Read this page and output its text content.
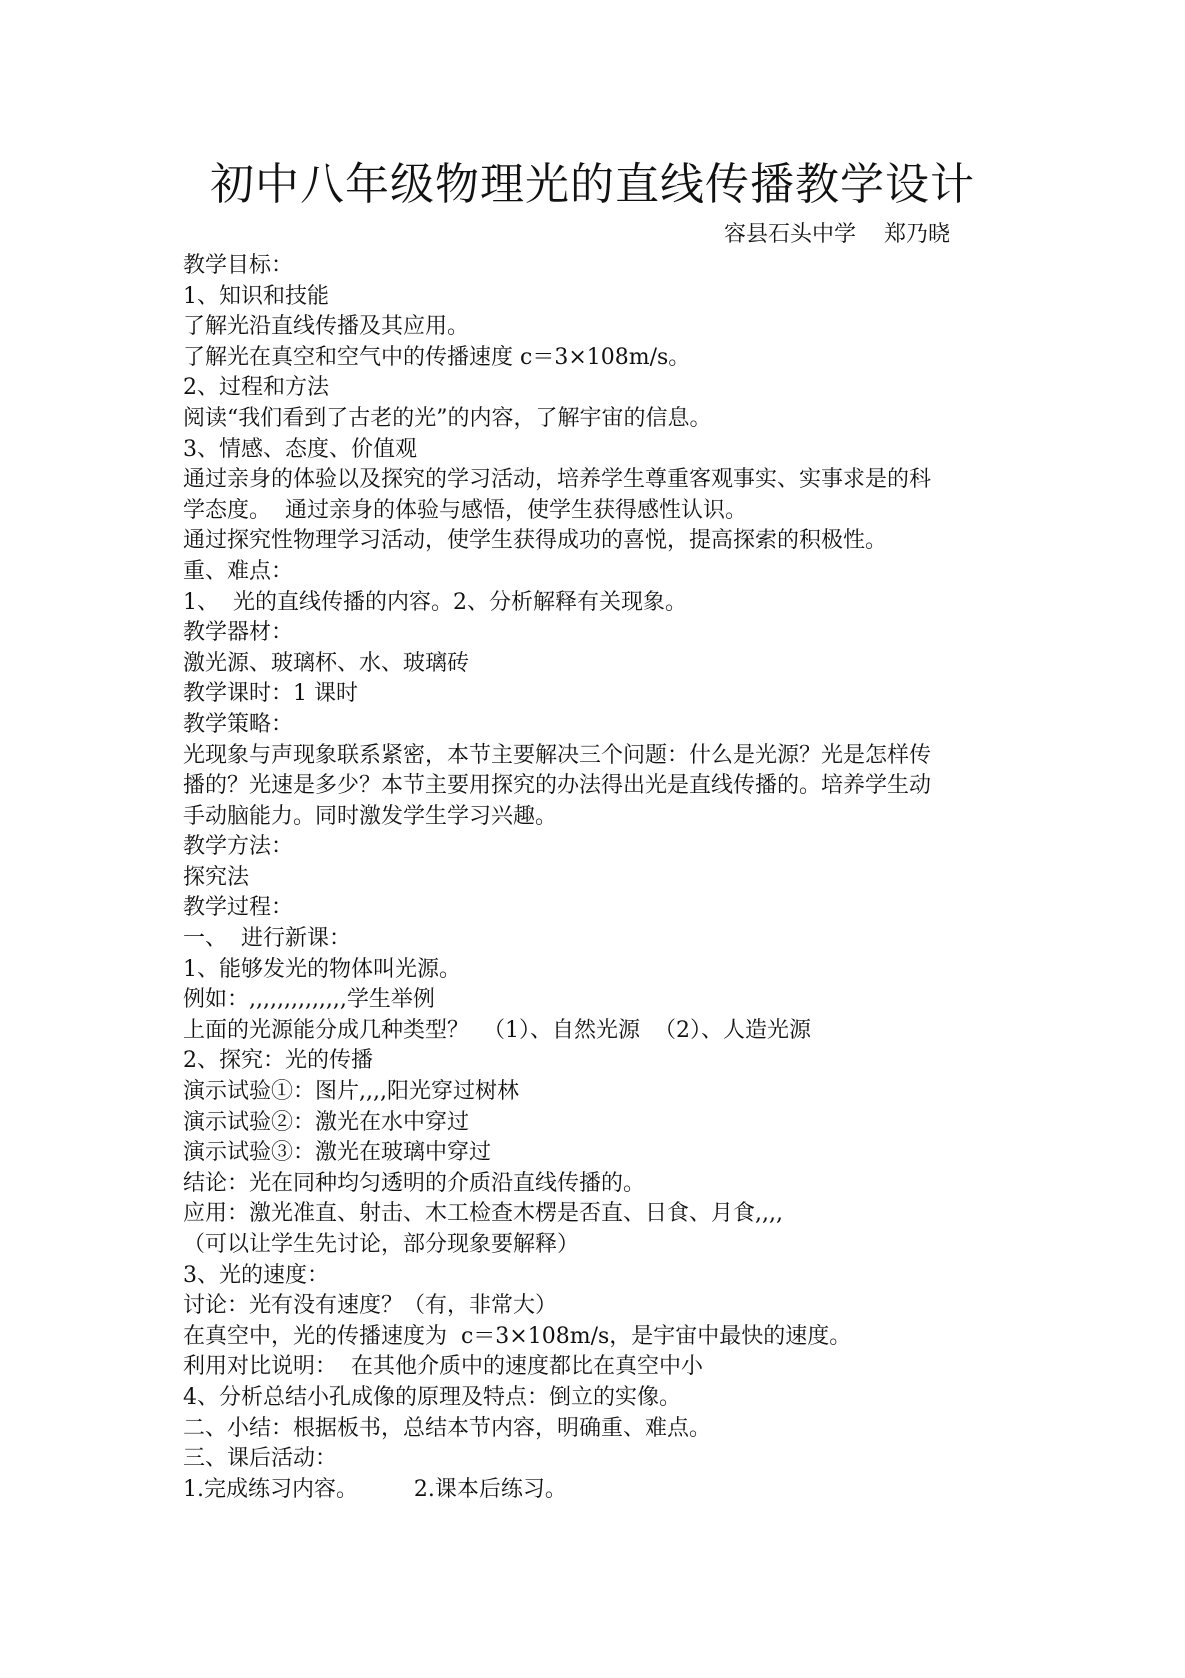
初中八年级物理光的直线传播教学设计
容县石头中学    郑乃晓
教学目标：
1、知识和技能
了解光沿直线传播及其应用。
了解光在真空和空气中的传播速度 c＝3×108m/s。
2、过程和方法
阅读“我们看到了古老的光”的内容，了解宇宙的信息。
3、情感、态度、价值观
通过亲身的体验以及探究的学习活动，培养学生尊重客观事实、实事求是的科
学态度。  通过亲身的体验与感悟，使学生获得感性认识。
通过探究性物理学习活动，使学生获得成功的喜悦，提高探索的积极性。
重、难点：
1、  光的直线传播的内容。2、分析解释有关现象。
教学器材：
激光源、玻璃杯、水、玻璃砖
教学课时：1 课时
教学策略：
光现象与声现象联系紧密，本节主要解决三个问题：什么是光源？光是怎样传
播的？光速是多少？本节主要用探究的办法得出光是直线传播的。培养学生动
手动脑能力。同时激发学生学习兴趣。
教学方法：
探究法
教学过程：
一、  进行新课：
1、能够发光的物体叫光源。
例如：,,,,,,,,,,,,,,学生举例
上面的光源能分成几种类型？  （1）、自然光源  （2）、人造光源
2、探究：光的传播
演示试验①：图片,,,,阳光穿过树林
演示试验②：激光在水中穿过
演示试验③：激光在玻璃中穿过
结论：光在同种均匀透明的介质沿直线传播的。
应用：激光准直、射击、木工检查木楞是否直、日食、月食,,,,
（可以让学生先讨论，部分现象要解释）
3、光的速度：
讨论：光有没有速度？（有，非常大）
在真空中，光的传播速度为  c＝3×108m/s，是宇宙中最快的速度。
利用对比说明：  在其他介质中的速度都比在真空中小
4、分析总结小孔成像的原理及特点：倒立的实像。
二、小结：根据板书，总结本节内容，明确重、难点。
三、课后活动：
1.完成练习内容。        2.课本后练习。
